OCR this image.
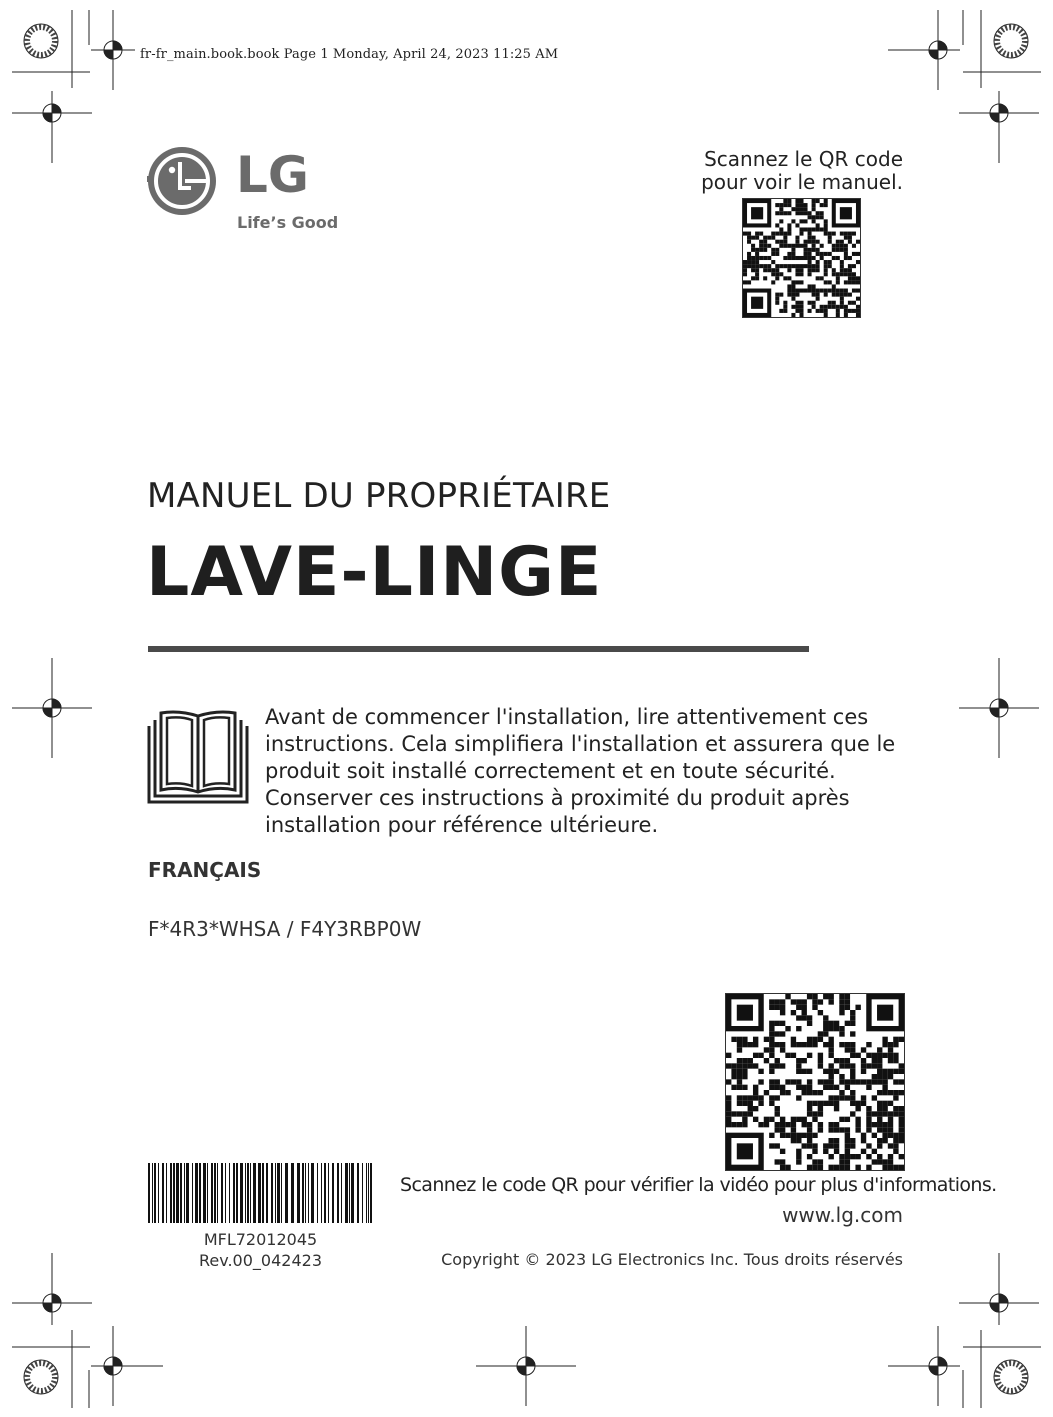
fr-fr_main.book.book Page 1 Monday, April 24, 2023 11:25 AM
LG
Life’s Good
Scannez le QR code
pour voir le manuel.
MANUEL DU PROPRIÉTAIRE
LAVE-LINGE
Avant de commencer l'installation, lire attentivement ces
instructions. Cela simplifiera l'installation et assurera que le
produit soit installé correctement et en toute sécurité.
Conserver ces instructions à proximité du produit après
installation pour référence ultérieure.
FRANÇAIS
F*4R3*WHSA / F4Y3RBP0W
Scannez le code QR pour vérifier la vidéo pour plus d'informations.
MFL72012045
Rev.00_042423
www.lg.com
Copyright © 2023 LG Electronics Inc. Tous droits réservés
